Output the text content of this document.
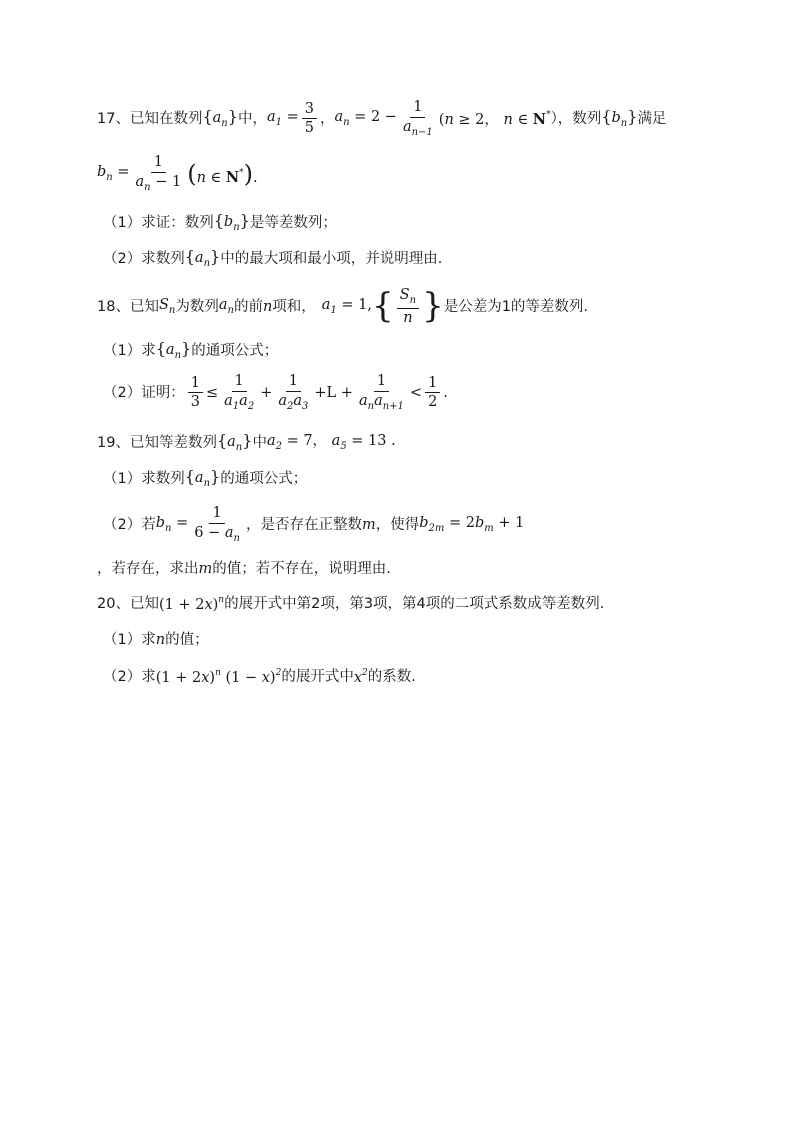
17、已知在数列 $\{a_n\}$ 中， $a_1 = \frac{3}{5}$ ， $a_n = 2 - \frac{1}{a_{n-1}} (n \ge 2$， n ∈ N* ），数列 $\{b_n\}$ 满足
$b_n = \frac{1}{a_n - 1} (n$ ∈ N*).
（1）求证：数列 $\{b_n\}$ 是等差数列；
（2）求数列 $\{a_n\}$ 中的最大项和最小项，并说明理由.
18、已知 $S_n$ 为数列 $a_n$ 的前 n 项和， $a_1 = 1$, { $\frac{S_n}{n}$ } 是公差为1的等差数列.
（1）求 $\{a_n\}$ 的通项公式；
（2）证明： $\frac{1}{3} \le \frac{1}{a_1a_2} + \frac{1}{a_2a_3} +L + \frac{1}{a_na_{n+1}} < \frac{1}{2}$ .
19、已知等差数列 $\{a_n\}$ 中 $a_2 = 7$， $a_5 = 13$ .
（1）求数列 $\{a_n\}$ 的通项公式；
（2）若 $b_n = \frac{1}{6 - a_n}$ ，是否存在正整数 m ，使得 $b_{2m} = 2b_m + 1$
，若存在，求出 m 的值；若不存在，说明理由.
20、已知 $(1 + 2x)^n$ 的展开式中第2项，第3项，第4项的二项式系数成等差数列.
（1）求 n 的值；
（2）求 $(1 + 2x)^n$ $(1 - x)^2$ 的展开式中 $x^2$ 的系数.
